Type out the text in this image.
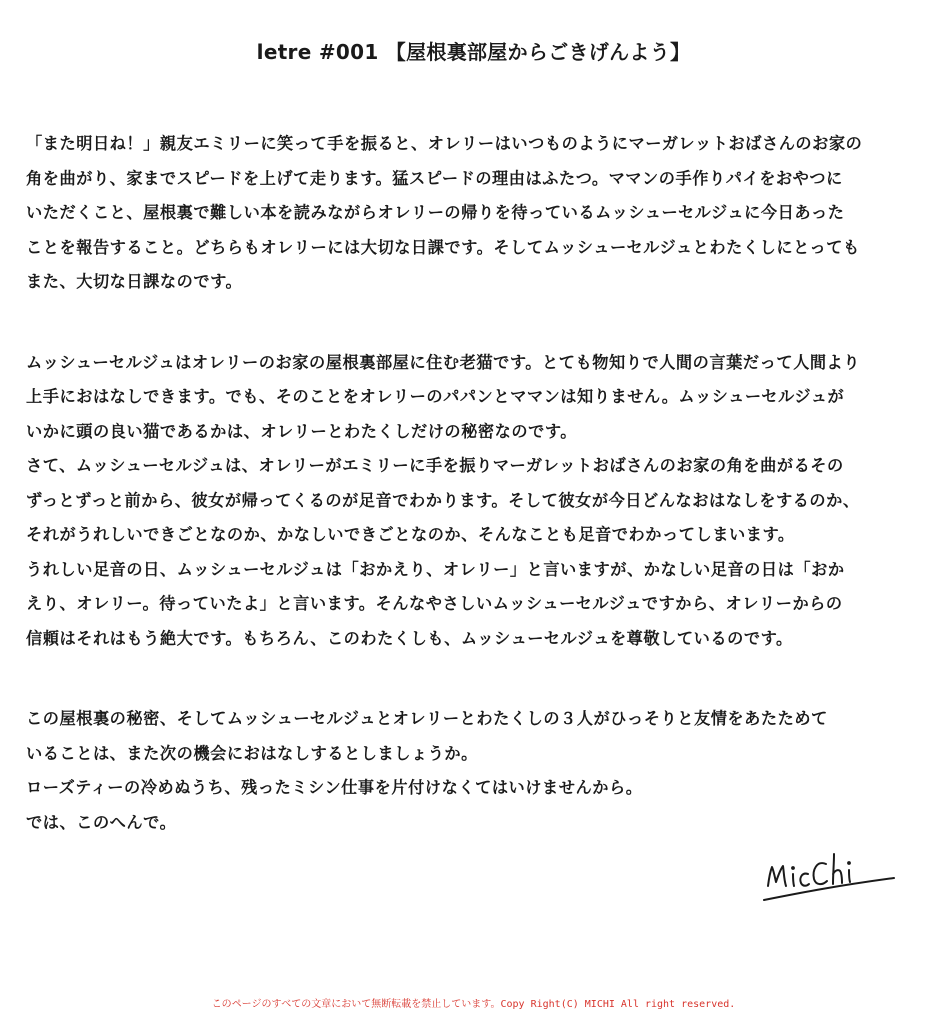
letre #001 【屋根裏部屋からごきげんよう】
「また明日ね！」親友エミリーに笑って手を振ると、オレリーはいつものようにマーガレットおばさんのお家の
角を曲がり、家までスピードを上げて走ります。猛スピードの理由はふたつ。ママンの手作りパイをおやつに
いただくこと、屋根裏で難しい本を読みながらオレリーの帰りを待っているムッシューセルジュに今日あった
ことを報告すること。どちらもオレリーには大切な日課です。そしてムッシューセルジュとわたくしにとっても
また、大切な日課なのです。
ムッシューセルジュはオレリーのお家の屋根裏部屋に住む老猫です。とても物知りで人間の言葉だって人間より
上手におはなしできます。でも、そのことをオレリーのパパンとママンは知りません。ムッシューセルジュが
いかに頭の良い猫であるかは、オレリーとわたくしだけの秘密なのです。
さて、ムッシューセルジュは、オレリーがエミリーに手を振りマーガレットおばさんのお家の角を曲がるその
ずっとずっと前から、彼女が帰ってくるのが足音でわかります。そして彼女が今日どんなおはなしをするのか、
それがうれしいできごとなのか、かなしいできごとなのか、そんなことも足音でわかってしまいます。
うれしい足音の日、ムッシューセルジュは「おかえり、オレリー」と言いますが、かなしい足音の日は「おか
えり、オレリー。待っていたよ」と言います。そんなやさしいムッシューセルジュですから、オレリーからの
信頼はそれはもう絶大です。もちろん、このわたくしも、ムッシューセルジュを尊敬しているのです。
この屋根裏の秘密、そしてムッシューセルジュとオレリーとわたくしの３人がひっそりと友情をあたためて
いることは、また次の機会におはなしするとしましょうか。
ローズティーの冷めぬうち、残ったミシン仕事を片付けなくてはいけませんから。
では、このへんで。
このページのすべての文章において無断転載を禁止しています。Copy Right(C) MICHI All right reserved.
